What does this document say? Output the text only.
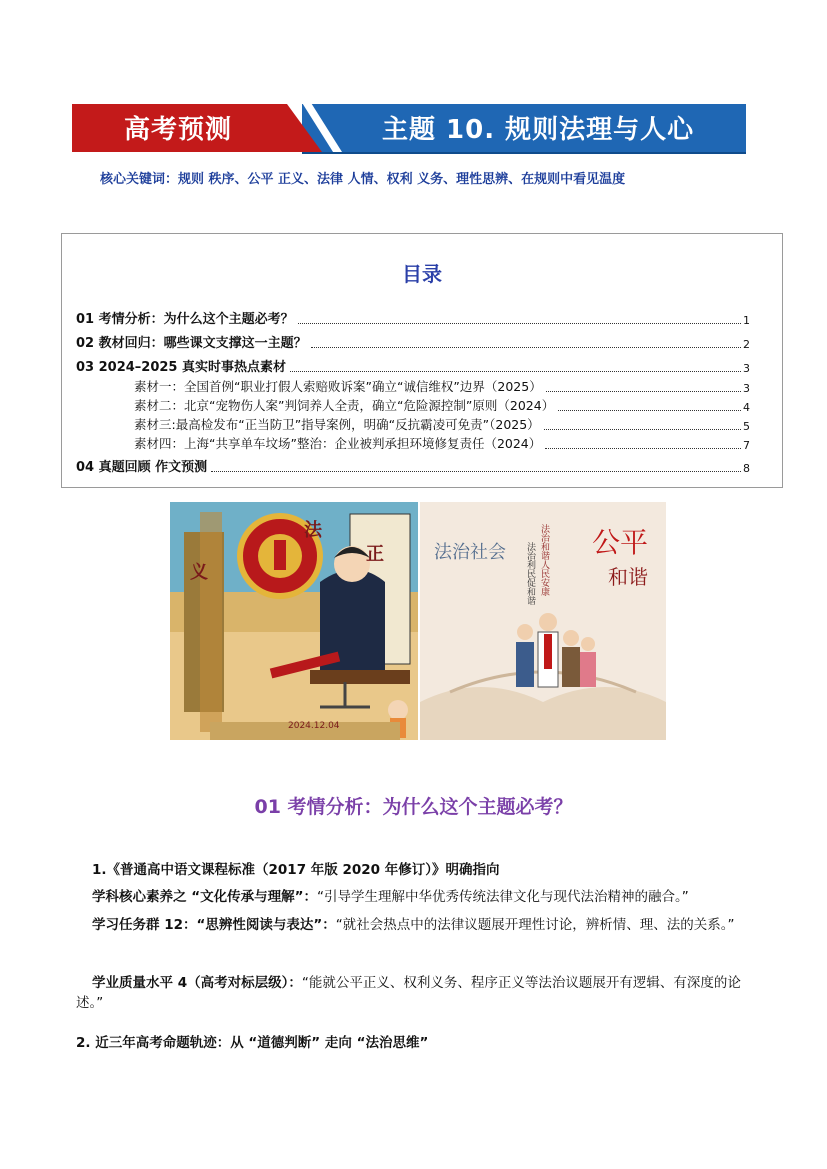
高考预测	主题 10. 规则法理与人心
核心关键词：规则 秩序、公平 正义、法律 人情、权利 义务、理性思辨、在规则中看见温度
目录
01 考情分析：为什么这个主题必考？	1
02 教材回归：哪些课文支撑这一主题？	2
03 2024–2025 真实时事热点素材	3
素材一：全国首例“职业打假人索赔败诉案”确立“诚信维权”边界（2025）	3
素材二：北京“宠物伤人案”判饲养人全责，确立“危险源控制”原则（2024）	4
素材三:最高检发布“正当防卫”指导案例，明确“反抗霸凌可免责”（2025）	5
素材四：上海“共享单车坟场”整治：企业被判承担环境修复责任（2024）	7
04 真题回顾 作文预测	8
法
正
义
2024.12.04
公平
和谐
法治社会	法治和谐人民安康
法治利民促和谐
01 考情分析：为什么这个主题必考？
1.《普通高中语文课程标准（2017 年版 2020 年修订）》明确指向
学科核心素养之 “文化传承与理解”：“引导学生理解中华优秀传统法律文化与现代法治精神的融合。”
学习任务群 12：“思辨性阅读与表达”：“就社会热点中的法律议题展开理性讨论，辨析情、理、法的关系。”
学业质量水平 4（高考对标层级）：“能就公平正义、权利义务、程序正义等法治议题展开有逻辑、有深度的论述。”
2. 近三年高考命题轨迹：从 “道德判断” 走向 “法治思维”
